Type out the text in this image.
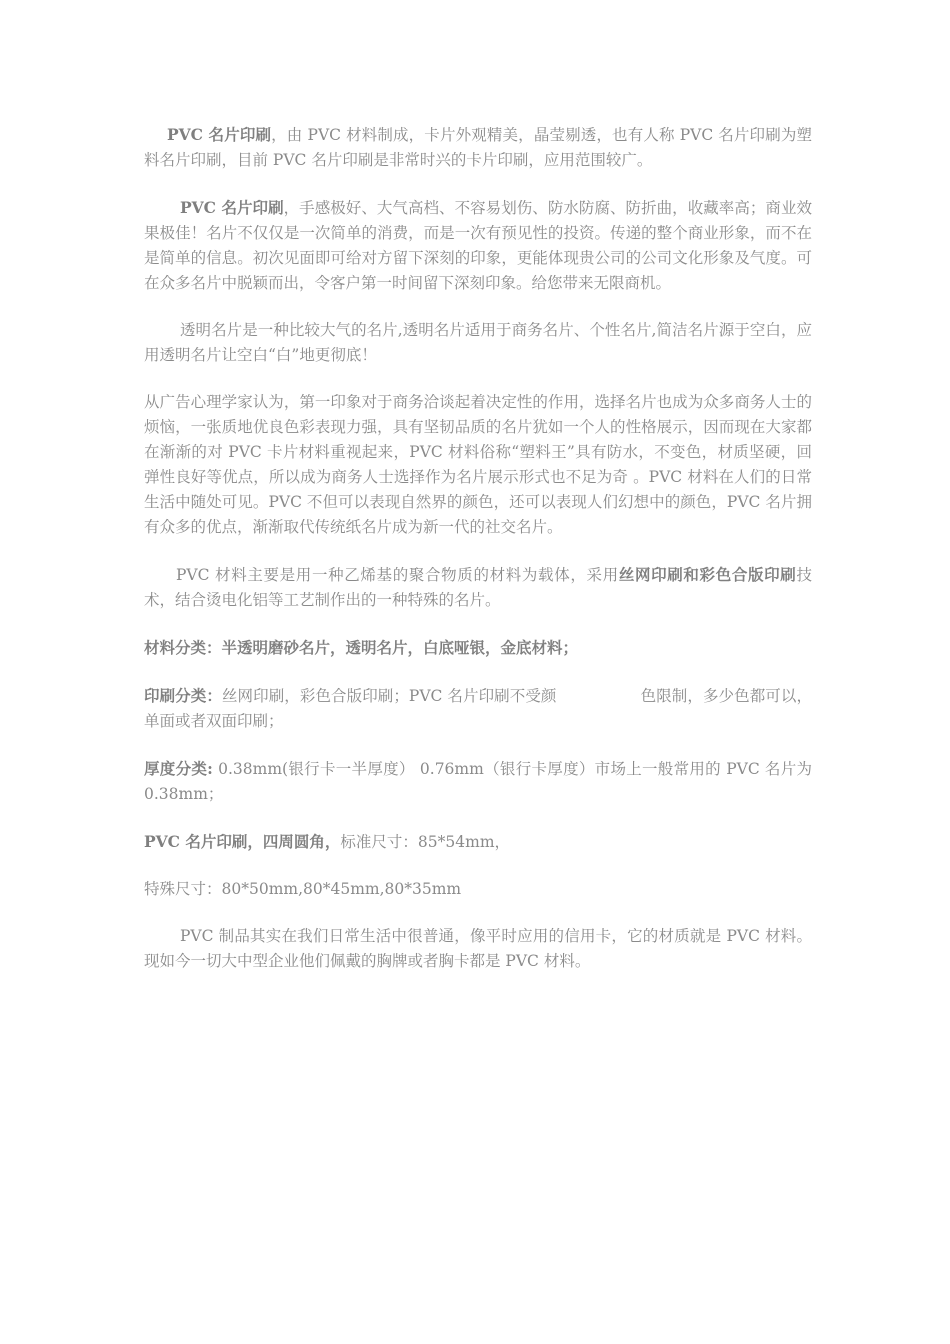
PVC 名片印刷，由 PVC 材料制成，卡片外观精美，晶莹剔透，也有人称 PVC 名片印刷为塑料名片印刷，目前 PVC 名片印刷是非常时兴的卡片印刷，应用范围较广。

PVC 名片印刷，手感极好、大气高档、不容易划伤、防水防腐、防折曲，收藏率高；商业效果极佳！名片不仅仅是一次简单的消费，而是一次有预见性的投资。传递的整个商业形象，而不在是简单的信息。初次见面即可给对方留下深刻的印象，更能体现贵公司的公司文化形象及气度。可在众多名片中脱颖而出，令客户第一时间留下深刻印象。给您带来无限商机。

透明名片是一种比较大气的名片,透明名片适用于商务名片、个性名片,简洁名片源于空白，应用透明名片让空白“白”地更彻底！

从广告心理学家认为，第一印象对于商务洽谈起着决定性的作用，选择名片也成为众多商务人士的烦恼，一张质地优良色彩表现力强，具有坚韧品质的名片犹如一个人的性格展示，因而现在大家都在渐渐的对 PVC 卡片材料重视起来，PVC 材料俗称“塑料王”具有防水，不变色，材质坚硬，回弹性良好等优点，所以成为商务人士选择作为名片展示形式也不足为奇 。PVC 材料在人们的日常生活中随处可见。PVC 不但可以表现自然界的颜色，还可以表现人们幻想中的颜色，PVC 名片拥有众多的优点，渐渐取代传统纸名片成为新一代的社交名片。

PVC 材料主要是用一种乙烯基的聚合物质的材料为载体，采用丝网印刷和彩色合版印刷技术，结合烫电化铝等工艺制作出的一种特殊的名片。

材料分类：半透明磨砂名片，透明名片，白底哑银，金底材料；

印刷分类：丝网印刷，彩色合版印刷；PVC 名片印刷不受颜	色限制，多少色都可以，单面或者双面印刷；

厚度分类: 0.38mm(银行卡一半厚度） 0.76mm（银行卡厚度）市场上一般常用的 PVC 名片为 0.38mm；

PVC 名片印刷，四周圆角，标准尺寸：85*54mm，

特殊尺寸：80*50mm,80*45mm,80*35mm

PVC 制品其实在我们日常生活中很普通，像平时应用的信用卡，它的材质就是 PVC 材料。现如今一切大中型企业他们佩戴的胸牌或者胸卡都是 PVC 材料。
